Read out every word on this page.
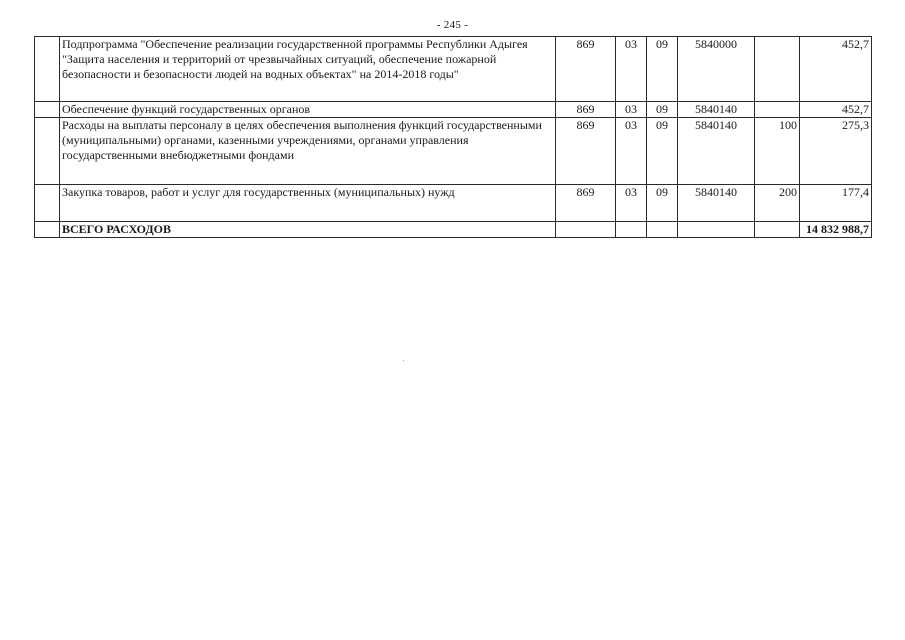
- 245 -
	Подпрограмма "Обеспечение реализации государственной программы Республики Адыгея "Защита населения и территорий от чрезвычайных ситуаций, обеспечение пожарной безопасности и безопасности людей на водных объектах" на 2014-2018 годы"	869	03	09	5840000		452,7
	Обеспечение функций государственных органов	869	03	09	5840140		452,7
	Расходы на выплаты персоналу в целях обеспечения выполнения функций государственными (муниципальными) органами, казенными учреждениями, органами управления государственными внебюджетными фондами	869	03	09	5840140	100	275,3
	Закупка товаров, работ и услуг для государственных (муниципальных) нужд	869	03	09	5840140	200	177,4
	ВСЕГО РАСХОДОВ						14 832 988,7
